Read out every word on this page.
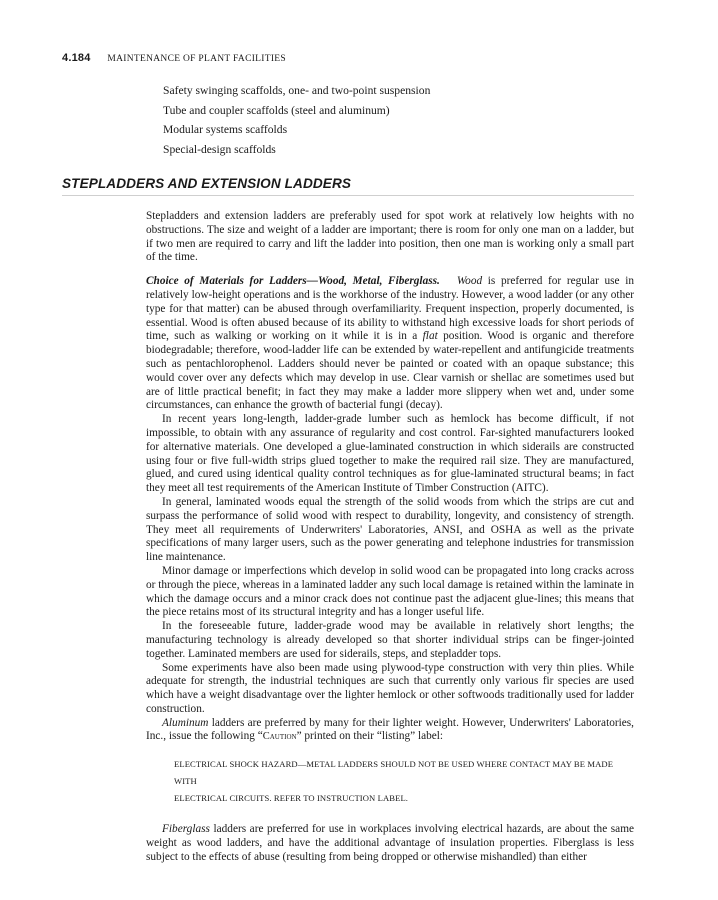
4.184 MAINTENANCE OF PLANT FACILITIES
Safety swinging scaffolds, one- and two-point suspension
Tube and coupler scaffolds (steel and aluminum)
Modular systems scaffolds
Special-design scaffolds
STEPLADDERS AND EXTENSION LADDERS

Stepladders and extension ladders are preferably used for spot work at relatively low heights with no obstructions. The size and weight of a ladder are important; there is room for only one man on a ladder, but if two men are required to carry and lift the ladder into position, then one man is working only a small part of the time.

Choice of Materials for Ladders—Wood, Metal, Fiberglass. Wood is preferred for regular use in relatively low-height operations and is the workhorse of the industry. However, a wood ladder (or any other type for that matter) can be abused through overfamiliarity. Frequent inspection, properly documented, is essential. Wood is often abused because of its ability to withstand high excessive loads for short periods of time, such as walking or working on it while it is in a flat position. Wood is organic and therefore biodegradable; therefore, wood-ladder life can be extended by water-repellent and antifungicide treatments such as pentachlorophenol. Ladders should never be painted or coated with an opaque substance; this would cover over any defects which may develop in use. Clear varnish or shellac are sometimes used but are of little practical benefit; in fact they may make a ladder more slippery when wet and, under some circumstances, can enhance the growth of bacterial fungi (decay).

In recent years long-length, ladder-grade lumber such as hemlock has become difficult, if not impossible, to obtain with any assurance of regularity and cost control. Far-sighted manufacturers looked for alternative materials. One developed a glue-laminated construction in which siderails are constructed using four or five full-width strips glued together to make the required rail size. They are manufactured, glued, and cured using identical quality control techniques as for glue-laminated structural beams; in fact they meet all test requirements of the American Institute of Timber Construction (AITC).

In general, laminated woods equal the strength of the solid woods from which the strips are cut and surpass the performance of solid wood with respect to durability, longevity, and consistency of strength. They meet all requirements of Underwriters' Laboratories, ANSI, and OSHA as well as the private specifications of many larger users, such as the power generating and telephone industries for transmission line maintenance.

Minor damage or imperfections which develop in solid wood can be propagated into long cracks across or through the piece, whereas in a laminated ladder any such local damage is retained within the laminate in which the damage occurs and a minor crack does not continue past the adjacent glue-lines; this means that the piece retains most of its structural integrity and has a longer useful life.

In the foreseeable future, ladder-grade wood may be available in relatively short lengths; the manufacturing technology is already developed so that shorter individual strips can be finger-jointed together. Laminated members are used for siderails, steps, and stepladder tops.

Some experiments have also been made using plywood-type construction with very thin plies. While adequate for strength, the industrial techniques are such that currently only various fir species are used which have a weight disadvantage over the lighter hemlock or other softwoods traditionally used for ladder construction.

Aluminum ladders are preferred by many for their lighter weight. However, Underwriters' Laboratories, Inc., issue the following “Caution” printed on their “listing” label:

ELECTRICAL SHOCK HAZARD—METAL LADDERS SHOULD NOT BE USED WHERE CONTACT MAY BE MADE WITH
ELECTRICAL CIRCUITS. REFER TO INSTRUCTION LABEL.

Fiberglass ladders are preferred for use in workplaces involving electrical hazards, are about the same weight as wood ladders, and have the additional advantage of insulation properties. Fiberglass is less subject to the effects of abuse (resulting from being dropped or otherwise mishandled) than either
